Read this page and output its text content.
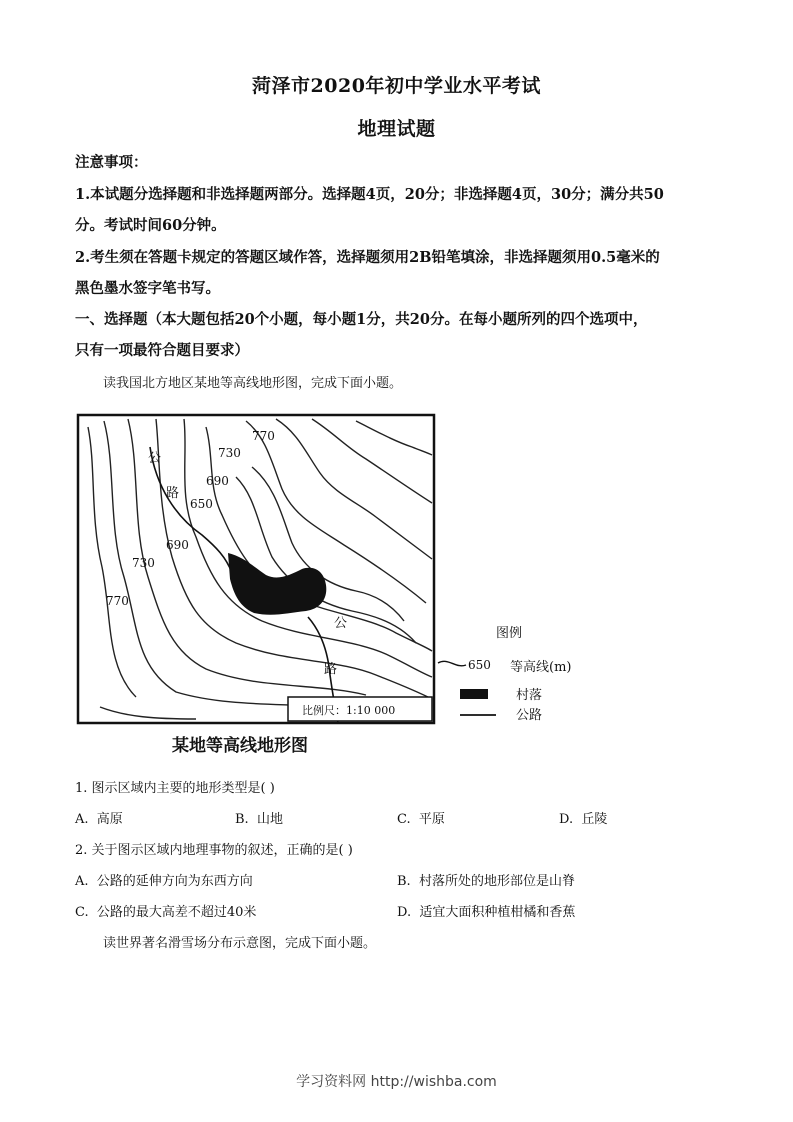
菏泽市2020年初中学业水平考试
地理试题
注意事项：
1.本试题分选择题和非选择题两部分。选择题4页，20分；非选择题4页，30分；满分共50
分。考试时间60分钟。
2.考生须在答题卡规定的答题区域作答，选择题须用2B铅笔填涂，非选择题须用0.5毫米的
黑色墨水签字笔书写。
一、选择题（本大题包括20个小题，每小题1分，共20分。在每小题所列的四个选项中，
只有一项最符合题目要求）
读我国北方地区某地等高线地形图，完成下面小题。
770
730
690
650
690
730
770
公
路
公
路
比例尺：1:10 000
图例
650 等高线(m)
村落
公路
某地等高线地形图
1. 图示区域内主要的地形类型是( )
A. 高原	B. 山地	C. 平原	D. 丘陵
2. 关于图示区域内地理事物的叙述，正确的是( )
A. 公路的延伸方向为东西方向	B. 村落所处的地形部位是山脊
C. 公路的最大高差不超过40米	D. 适宜大面积种植柑橘和香蕉
读世界著名滑雪场分布示意图，完成下面小题。
学习资料网 http://wishba.com
